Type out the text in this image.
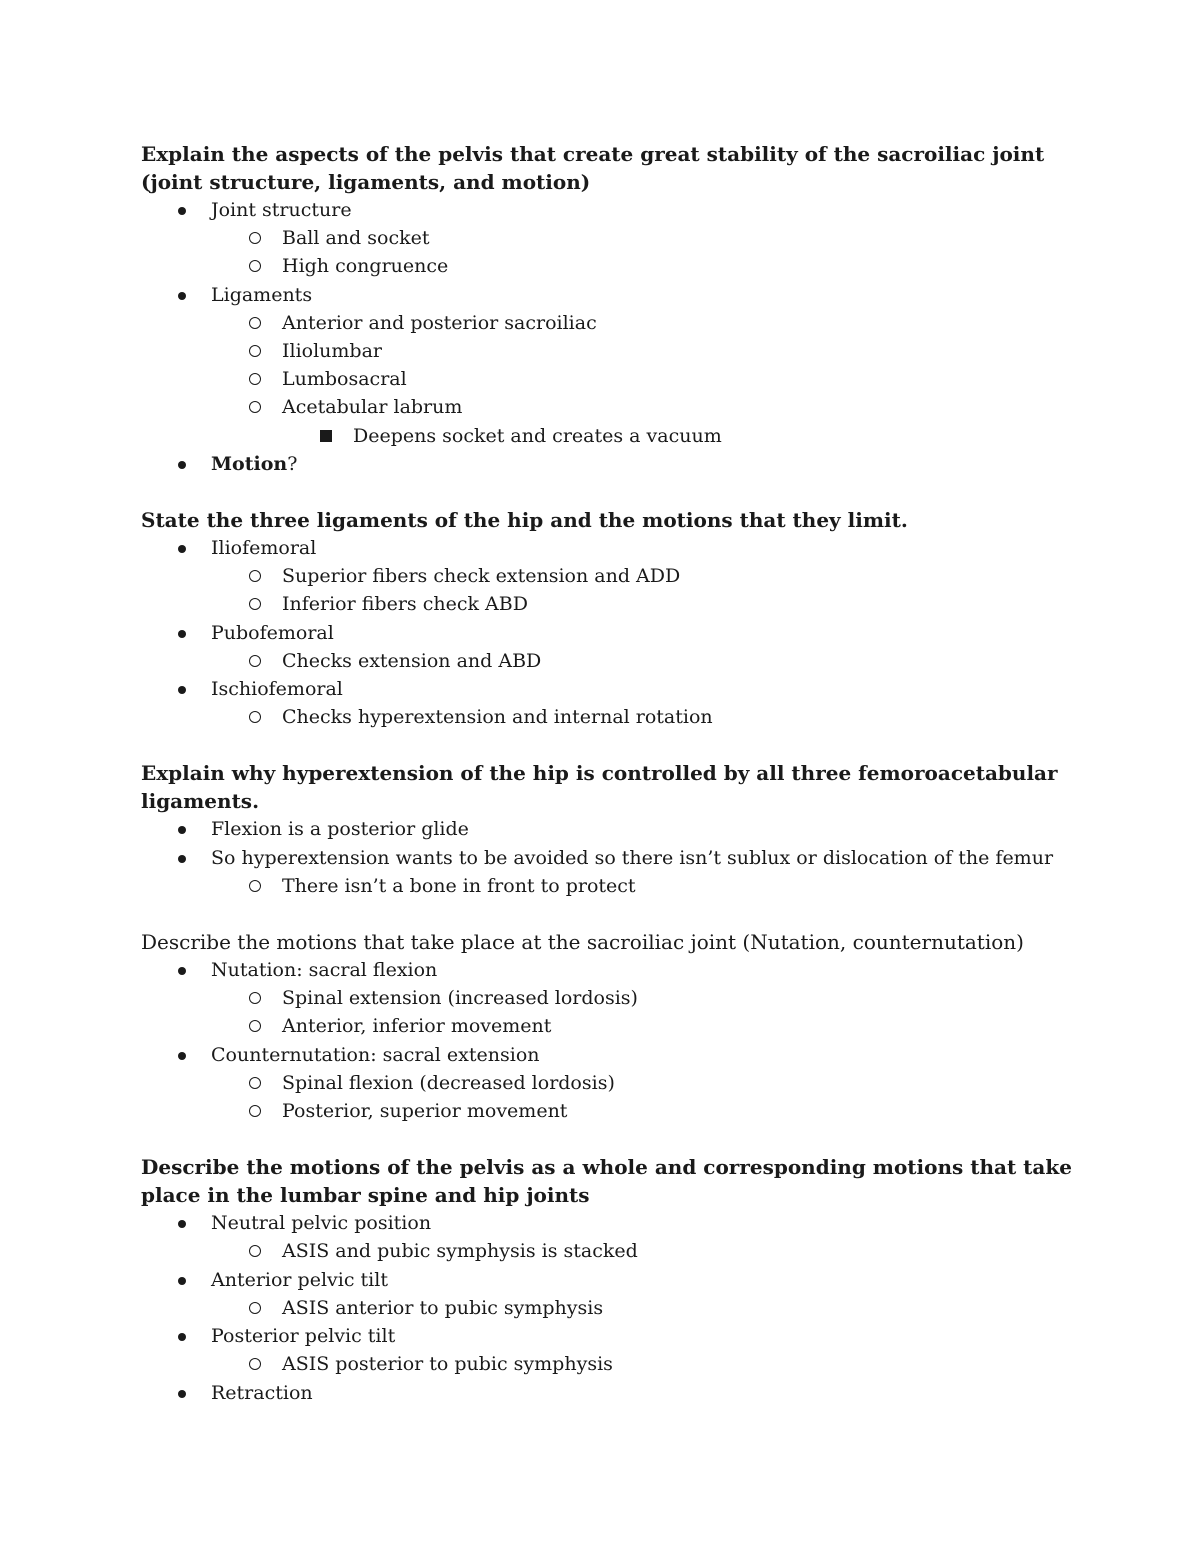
Explain the aspects of the pelvis that create great stability of the sacroiliac joint (joint structure, ligaments, and motion)

Joint structure
Ball and socket
High congruence
Ligaments
Anterior and posterior sacroiliac
Iliolumbar
Lumbosacral
Acetabular labrum
Deepens socket and creates a vacuum
Motion?

State the three ligaments of the hip and the motions that they limit.

Iliofemoral
Superior fibers check extension and ADD
Inferior fibers check ABD
Pubofemoral
Checks extension and ABD
Ischiofemoral
Checks hyperextension and internal rotation

Explain why hyperextension of the hip is controlled by all three femoroacetabular ligaments.

Flexion is a posterior glide
So hyperextension wants to be avoided so there isn’t sublux or dislocation of the femur
There isn’t a bone in front to protect

Describe the motions that take place at the sacroiliac joint (Nutation, counternutation)

Nutation: sacral flexion
Spinal extension (increased lordosis)
Anterior, inferior movement
Counternutation: sacral extension
Spinal flexion (decreased lordosis)
Posterior, superior movement

Describe the motions of the pelvis as a whole and corresponding motions that take place in the lumbar spine and hip joints

Neutral pelvic position
ASIS and pubic symphysis is stacked
Anterior pelvic tilt
ASIS anterior to pubic symphysis
Posterior pelvic tilt
ASIS posterior to pubic symphysis
Retraction
